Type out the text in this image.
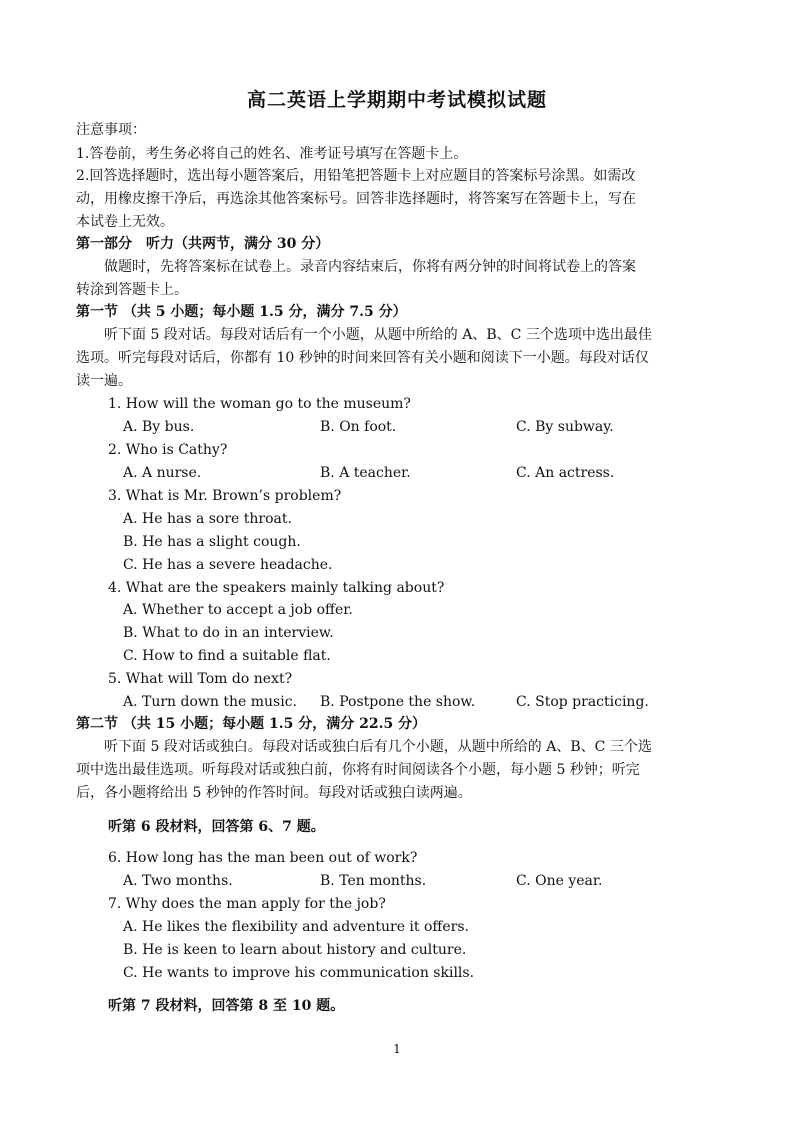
高二英语上学期期中考试模拟试题
注意事项：
1.答卷前，考生务必将自己的姓名、准考证号填写在答题卡上。
2.回答选择题时，选出每小题答案后，用铅笔把答题卡上对应题目的答案标号涂黑。如需改
动，用橡皮擦干净后，再选涂其他答案标号。回答非选择题时，将答案写在答题卡上，写在
本试卷上无效。
第一部分　听力（共两节，满分 30 分）
做题时，先将答案标在试卷上。录音内容结束后，你将有两分钟的时间将试卷上的答案
转涂到答题卡上。
第一节 （共 5 小题；每小题 1.5 分，满分 7.5 分）
听下面 5 段对话。每段对话后有一个小题，从题中所给的 A、B、C 三个选项中选出最佳
选项。听完每段对话后，你都有 10 秒钟的时间来回答有关小题和阅读下一小题。每段对话仅
读一遍。
1. How will the woman go to the museum?
A. By bus.	B. On foot.	C. By subway.
2. Who is Cathy?
A. A nurse.	B. A teacher.	C. An actress.
3. What is Mr. Brown’s problem?
A. He has a sore throat.
B. He has a slight cough.
C. He has a severe headache.
4. What are the speakers mainly talking about?
A. Whether to accept a job offer.
B. What to do in an interview.
C. How to find a suitable flat.
5. What will Tom do next?
A. Turn down the music. B. Postpone the show.	C. Stop practicing.
第二节 （共 15 小题；每小题 1.5 分，满分 22.5 分）
听下面 5 段对话或独白。每段对话或独白后有几个小题，从题中所给的 A、B、C 三个选
项中选出最佳选项。听每段对话或独白前，你将有时间阅读各个小题，每小题 5 秒钟；听完
后，各小题将给出 5 秒钟的作答时间。每段对话或独白读两遍。
听第 6 段材料，回答第 6、7 题。
6. How long has the man been out of work?
A. Two months.	B. Ten months.	C. One year.
7. Why does the man apply for the job?
A. He likes the flexibility and adventure it offers.
B. He is keen to learn about history and culture.
C. He wants to improve his communication skills.
听第 7 段材料，回答第 8 至 10 题。
1
